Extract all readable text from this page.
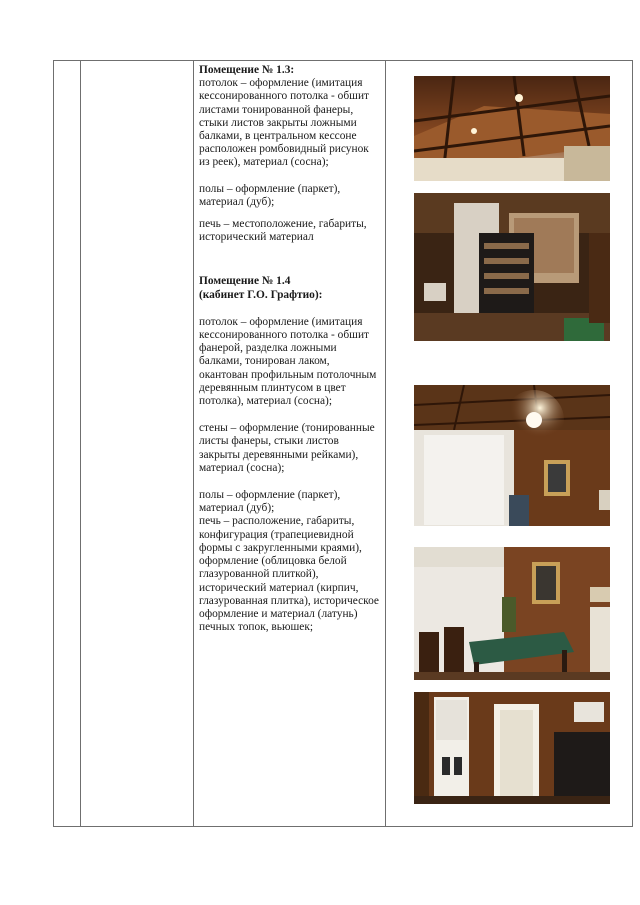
Помещение № 1.3:

потолок – оформление (имитация кессонированного потолка - обшит листами тонированной фанеры, стыки листов закрыты ложными балками, в центральном кессоне расположен ромбовидный рисунок из реек), материал (сосна);

полы – оформление (паркет), материал (дуб);

печь – местоположение, габариты, исторический материал

Помещение № 1.4

(кабинет Г.О. Графтио):

потолок – оформление (имитация кессонированного потолка - обшит фанерой, разделка ложными балками, тонирован лаком, окантован профильным потолочным деревянным плинтусом в цвет потолка), материал (сосна);

стены – оформление (тонированные листы фанеры, стыки листов закрыты деревянными рейками), материал (сосна);

полы – оформление (паркет), материал (дуб);

печь – расположение, габариты, конфигурация (трапециевидной формы с закругленными краями), оформление (облицовка белой глазурованной плиткой), исторический материал (кирпич, глазурованная плитка), историческое оформление и материал (латунь) печных топок, вьюшек;
